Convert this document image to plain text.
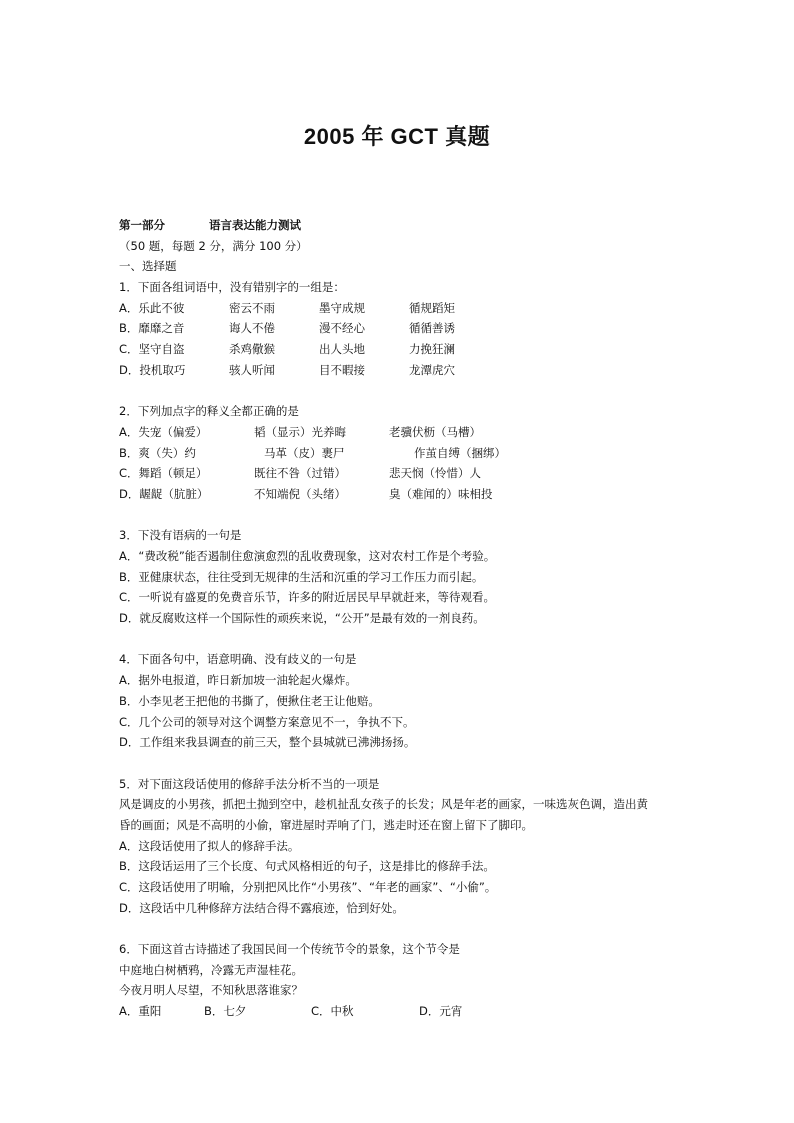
2005 年 GCT 真题
第一部分	语言表达能力测试
（50 题，每题 2 分，满分 100 分）
一、选择题
1．下面各组词语中，没有错别字的一组是：
A．乐此不彼	密云不雨	墨守成规	循规蹈矩
B．靡靡之音	诲人不倦	漫不经心	循循善诱
C．坚守自盗	杀鸡儆猴	出人头地	力挽狂澜
D．投机取巧	骇人听闻	目不暇接	龙潭虎穴
2．下列加点字的释义全都正确的是
A．失宠（偏爱）	韬（显示）光养晦	老骥伏枥（马槽）
B．爽（失）约	马革（皮）裹尸	作茧自缚（捆绑）
C．舞蹈（顿足）	既往不咎（过错）	悲天悯（怜惜）人
D．龌龊（肮脏）	不知端倪（头绪）	臭（难闻的）味相投
3．下没有语病的一句是
A．“费改税”能否遏制住愈演愈烈的乱收费现象，这对农村工作是个考验。
B．亚健康状态，往往受到无规律的生活和沉重的学习工作压力而引起。
C．一听说有盛夏的免费音乐节，许多的附近居民早早就赶来，等待观看。
D．就反腐败这样一个国际性的顽疾来说，“公开”是最有效的一剂良药。
4．下面各句中，语意明确、没有歧义的一句是
A．据外电报道，昨日新加坡一油轮起火爆炸。
B．小李见老王把他的书撕了，便揪住老王让他赔。
C．几个公司的领导对这个调整方案意见不一，争执不下。
D．工作组来我县调查的前三天，整个县城就已沸沸扬扬。
5．对下面这段话使用的修辞手法分析不当的一项是
风是调皮的小男孩，抓把土抛到空中，趁机扯乱女孩子的长发；风是年老的画家，一味选灰色调，造出黄
昏的画面；风是不高明的小偷，窜进屋时弄响了门，逃走时还在窗上留下了脚印。
A．这段话使用了拟人的修辞手法。
B．这段话运用了三个长度、句式风格相近的句子，这是排比的修辞手法。
C．这段话使用了明喻，分别把风比作“小男孩”、“年老的画家”、“小偷”。
D．这段话中几种修辞方法结合得不露痕迹，恰到好处。
6．下面这首古诗描述了我国民间一个传统节令的景象，这个节令是
中庭地白树栖鸦，冷露无声湿桂花。
今夜月明人尽望，不知秋思落谁家？
A．重阳	B．七夕	C．中秋	D．元宵
